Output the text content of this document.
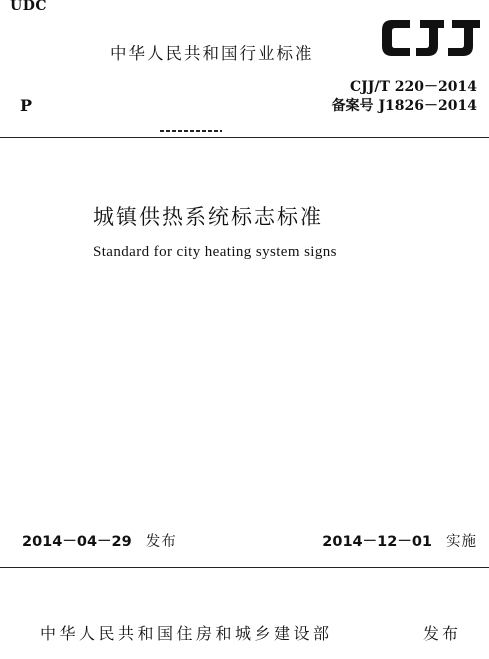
UDC
中华人民共和国行业标准
P
CJJ/T 220－2014
备案号 J1826－2014
城镇供热系统标志标准
Standard for city heating system signs
2014－04－29 发布	2014－12－01 实施
中华人民共和国住房和城乡建设部	发布
